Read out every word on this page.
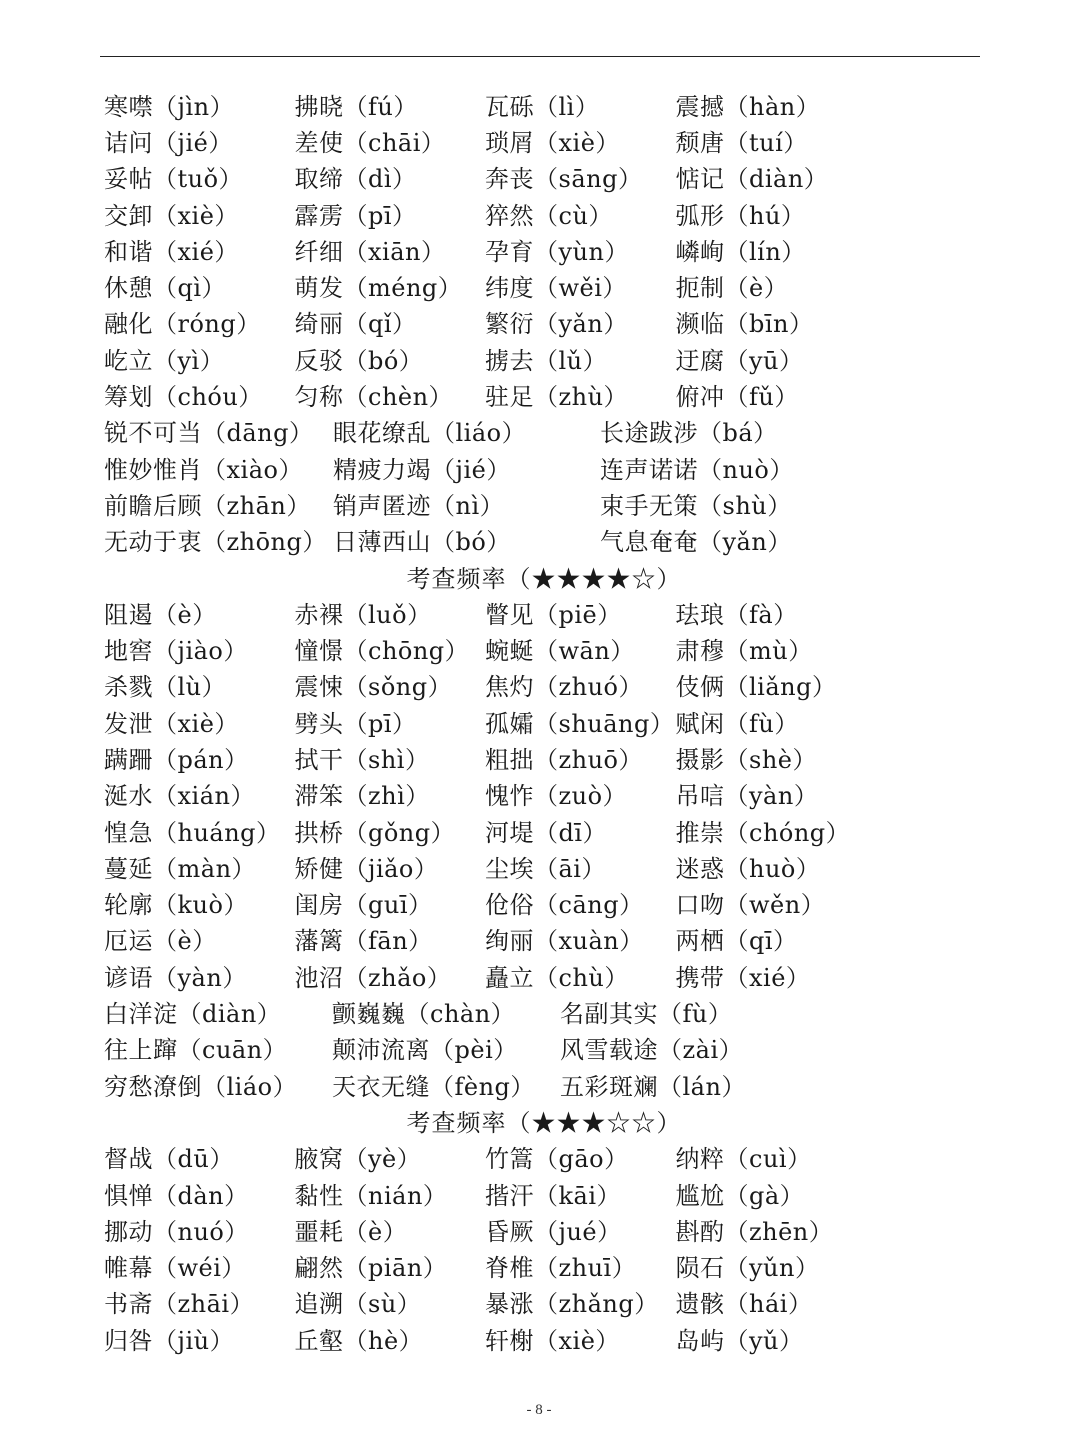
寒噤（jìn）	拂晓（fú）	瓦砾（lì）	震撼（hàn）
诘问（jié）	差使（chāi）	琐屑（xiè）	颓唐（tuí）
妥帖（tuǒ）	取缔（dì）	奔丧（sāng）	惦记（diàn）
交卸（xiè）	霹雳（pī）	猝然（cù）	弧形（hú）
和谐（xié）	纤细（xiān）	孕育（yùn）	嶙峋（lín）
休憩（qì）	萌发（méng） 纬度（wěi）	扼制（è）
融化（róng）	绮丽（qǐ）	繁衍（yǎn）	濒临（bīn）
屹立（yì）	反驳（bó）	掳去（lǔ）	迂腐（yū）
筹划（chóu）	匀称（chèn）	驻足（zhù）	俯冲（fǔ）
锐不可当（dāng） 眼花缭乱（liáo）	长途跋涉（bá）
惟妙惟肖（xiào）	精疲力竭（jié）	连声诺诺（nuò）
前瞻后顾（zhān） 销声匿迹（nì）	束手无策（shù）
无动于衷（zhōng） 日薄西山（bó）	气息奄奄（yǎn）
考查频率（★★★★☆）
阻遏（è）	赤裸（luǒ）	瞥见（piē）	珐琅（fà）
地窖（jiào）	憧憬（chōng） 蜿蜒（wān）	肃穆（mù）
杀戮（lù）	震悚（sǒng）	焦灼（zhuó）	伎俩（liǎng）
发泄（xiè）	劈头（pī）	孤孀（shuāng） 赋闲（fù）
蹒跚（pán）	拭干（shì）	粗拙（zhuō）	摄影（shè）
涎水（xián）	滞笨（zhì）	愧怍（zuò）	吊唁（yàn）
惶急（huáng） 拱桥（gǒng）	河堤（dī）	推崇（chóng）
蔓延（màn）	矫健（jiǎo）	尘埃（āi）	迷惑（huò）
轮廓（kuò）	闺房（guī）	伧俗（cāng）	口吻（wěn）
厄运（è）	藩篱（fān）	绚丽（xuàn）	两栖（qī）
谚语（yàn）	池沼（zhǎo）	矗立（chù）	携带（xié）
白洋淀（diàn）	颤巍巍（chàn）	名副其实（fù）
往上蹿（cuān）	颠沛流离（pèi）	风雪载途（zài）
穷愁潦倒（liáo）	天衣无缝（fèng）	五彩斑斓（lán）
考查频率（★★★☆☆）
督战（dū）	腋窝（yè）	竹篙（gāo）	纳粹（cuì）
惧惮（dàn）	黏性（nián）	揩汗（kāi）	尴尬（gà）
挪动（nuó）	噩耗（è）	昏厥（jué）	斟酌（zhēn）
帷幕（wéi）	翩然（piān）	脊椎（zhuī）	陨石（yǔn）
书斋（zhāi）	追溯（sù）	暴涨（zhǎng） 遗骸（hái）
归咎（jiù）	丘壑（hè）	轩榭（xiè）	岛屿（yǔ）
- 8 -
